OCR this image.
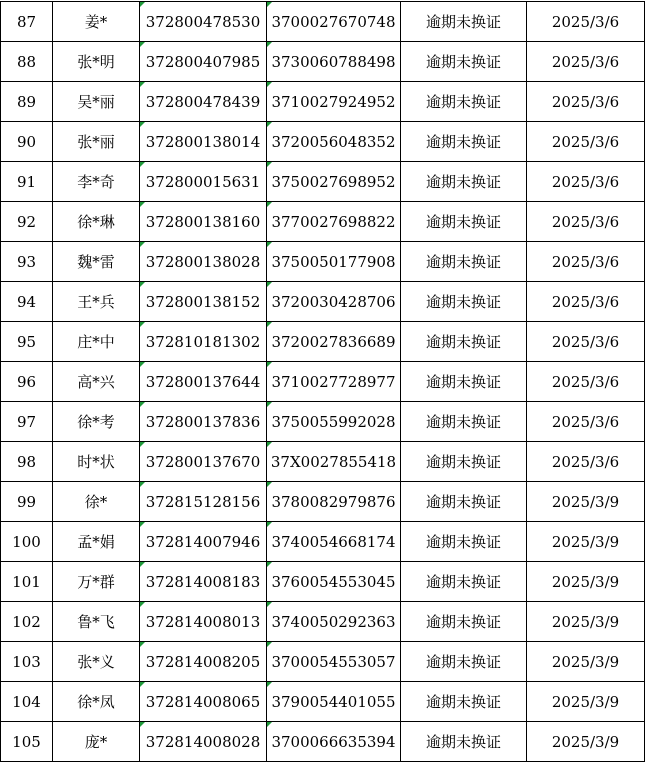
87	姜*	372800478530	3700027670748	逾期未换证	2025/3/6
88	张*明	372800407985	3730060788498	逾期未换证	2025/3/6
89	吴*丽	372800478439	3710027924952	逾期未换证	2025/3/6
90	张*丽	372800138014	3720056048352	逾期未换证	2025/3/6
91	李*奇	372800015631	3750027698952	逾期未换证	2025/3/6
92	徐*琳	372800138160	3770027698822	逾期未换证	2025/3/6
93	魏*雷	372800138028	3750050177908	逾期未换证	2025/3/6
94	王*兵	372800138152	3720030428706	逾期未换证	2025/3/6
95	庄*中	372810181302	3720027836689	逾期未换证	2025/3/6
96	高*兴	372800137644	3710027728977	逾期未换证	2025/3/6
97	徐*考	372800137836	3750055992028	逾期未换证	2025/3/6
98	时*状	372800137670	37X0027855418	逾期未换证	2025/3/6
99	徐*	372815128156	3780082979876	逾期未换证	2025/3/9
100	孟*娟	372814007946	3740054668174	逾期未换证	2025/3/9
101	万*群	372814008183	3760054553045	逾期未换证	2025/3/9
102	鲁*飞	372814008013	3740050292363	逾期未换证	2025/3/9
103	张*义	372814008205	3700054553057	逾期未换证	2025/3/9
104	徐*凤	372814008065	3790054401055	逾期未换证	2025/3/9
105	庞*	372814008028	3700066635394	逾期未换证	2025/3/9
